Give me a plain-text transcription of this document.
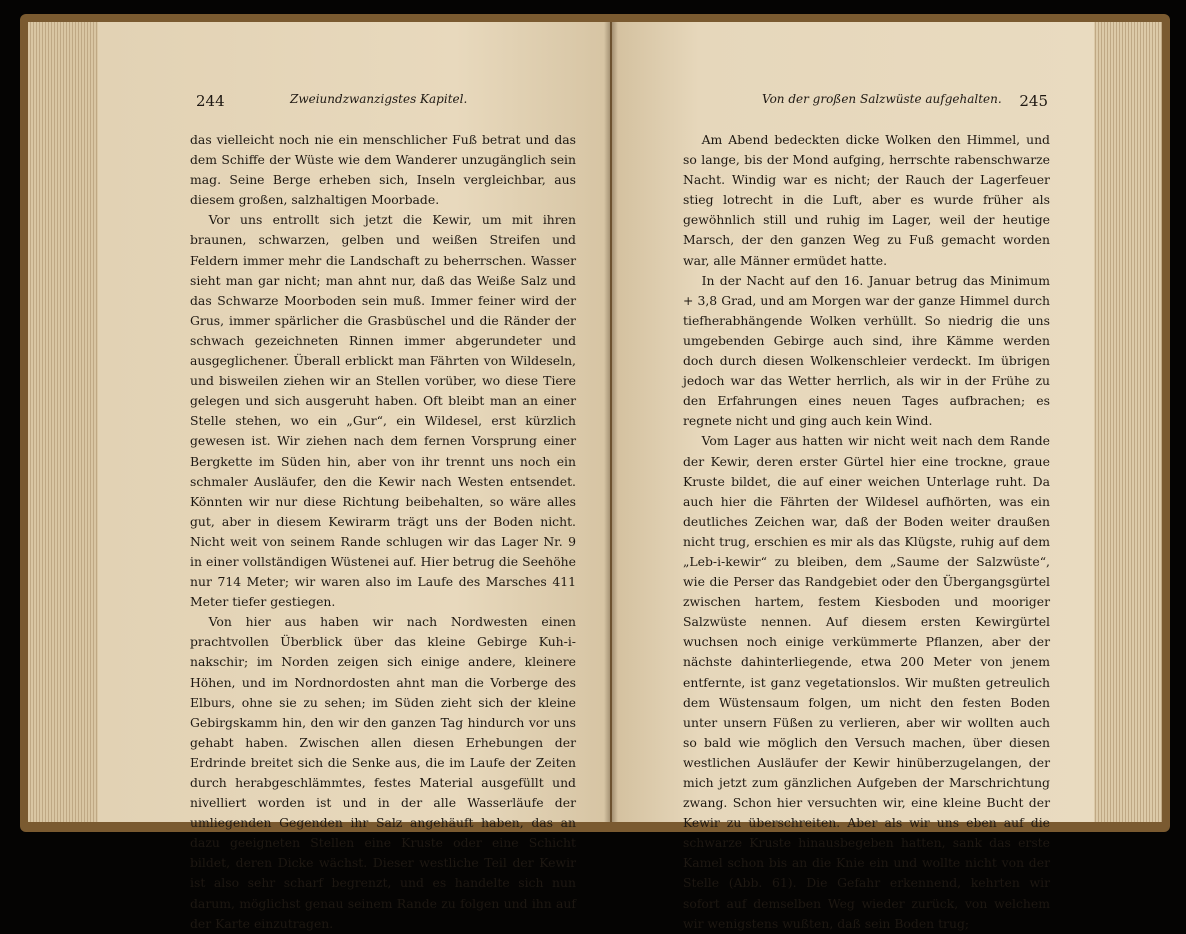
244	Zweiundzwanzigstes Kapitel.

das vielleicht noch nie ein menschlicher Fuß betrat und das dem Schiffe der Wüste wie dem Wanderer unzugänglich sein mag. Seine Berge erheben sich, Inseln vergleichbar, aus diesem großen, salzhaltigen Moorbade.

Vor uns entrollt sich jetzt die Kewir, um mit ihren braunen, schwarzen, gelben und weißen Streifen und Feldern immer mehr die Landschaft zu beherrschen. Wasser sieht man gar nicht; man ahnt nur, daß das Weiße Salz und das Schwarze Moorboden sein muß. Immer feiner wird der Grus, immer spärlicher die Grasbüschel und die Ränder der schwach gezeichneten Rinnen immer abgerundeter und ausgeglichener. Überall erblickt man Fährten von Wildeseln, und bisweilen ziehen wir an Stellen vorüber, wo diese Tiere gelegen und sich ausgeruht haben. Oft bleibt man an einer Stelle stehen, wo ein „Gur“, ein Wildesel, erst kürzlich gewesen ist. Wir ziehen nach dem fernen Vorsprung einer Bergkette im Süden hin, aber von ihr trennt uns noch ein schmaler Ausläufer, den die Kewir nach Westen entsendet. Könnten wir nur diese Richtung beibehalten, so wäre alles gut, aber in diesem Kewirarm trägt uns der Boden nicht. Nicht weit von seinem Rande schlugen wir das Lager Nr. 9 in einer vollständigen Wüstenei auf. Hier betrug die Seehöhe nur 714 Meter; wir waren also im Laufe des Marsches 411 Meter tiefer gestiegen.

Von hier aus haben wir nach Nordwesten einen prachtvollen Überblick über das kleine Gebirge Kuh-i-nakschir; im Norden zeigen sich einige andere, kleinere Höhen, und im Nordnordosten ahnt man die Vorberge des Elburs, ohne sie zu sehen; im Süden zieht sich der kleine Gebirgskamm hin, den wir den ganzen Tag hindurch vor uns gehabt haben. Zwischen allen diesen Erhebungen der Erdrinde breitet sich die Senke aus, die im Laufe der Zeiten durch herabgeschlämmtes, festes Material ausgefüllt und nivelliert worden ist und in der alle Wasserläufe der umliegenden Gegenden ihr Salz angehäuft haben, das an dazu geeigneten Stellen eine Kruste oder eine Schicht bildet, deren Dicke wächst. Dieser westliche Teil der Kewir ist also sehr scharf begrenzt, und es handelte sich nun darum, möglichst genau seinem Rande zu folgen und ihn auf der Karte einzutragen.

Von der großen Salzwüste aufgehalten. 245

Am Abend bedeckten dicke Wolken den Himmel, und so lange, bis der Mond aufging, herrschte rabenschwarze Nacht. Windig war es nicht; der Rauch der Lagerfeuer stieg lotrecht in die Luft, aber es wurde früher als gewöhnlich still und ruhig im Lager, weil der heutige Marsch, der den ganzen Weg zu Fuß gemacht worden war, alle Männer ermüdet hatte.

In der Nacht auf den 16. Januar betrug das Minimum + 3,8 Grad, und am Morgen war der ganze Himmel durch tiefherabhängende Wolken verhüllt. So niedrig die uns umgebenden Gebirge auch sind, ihre Kämme werden doch durch diesen Wolkenschleier verdeckt. Im übrigen jedoch war das Wetter herrlich, als wir in der Frühe zu den Erfahrungen eines neuen Tages aufbrachen; es regnete nicht und ging auch kein Wind.

Vom Lager aus hatten wir nicht weit nach dem Rande der Kewir, deren erster Gürtel hier eine trockne, graue Kruste bildet, die auf einer weichen Unterlage ruht. Da auch hier die Fährten der Wildesel aufhörten, was ein deutliches Zeichen war, daß der Boden weiter draußen nicht trug, erschien es mir als das Klügste, ruhig auf dem „Leb-i-kewir“ zu bleiben, dem „Saume der Salzwüste“, wie die Perser das Randgebiet oder den Übergangsgürtel zwischen hartem, festem Kiesboden und mooriger Salzwüste nennen. Auf diesem ersten Kewirgürtel wuchsen noch einige verkümmerte Pflanzen, aber der nächste dahinterliegende, etwa 200 Meter von jenem entfernte, ist ganz vegetationslos. Wir mußten getreulich dem Wüstensaum folgen, um nicht den festen Boden unter unsern Füßen zu verlieren, aber wir wollten auch so bald wie möglich den Versuch machen, über diesen westlichen Ausläufer der Kewir hinüberzugelangen, der mich jetzt zum gänzlichen Aufgeben der Marschrichtung zwang. Schon hier versuchten wir, eine kleine Bucht der Kewir zu überschreiten. Aber als wir uns eben auf die schwarze Kruste hinausbegeben hatten, sank das erste Kamel schon bis an die Knie ein und wollte nicht von der Stelle (Abb. 61). Die Gefahr erkennend, kehrten wir sofort auf demselben Weg wieder zurück, von welchem wir wenigstens wußten, daß sein Boden trug;
